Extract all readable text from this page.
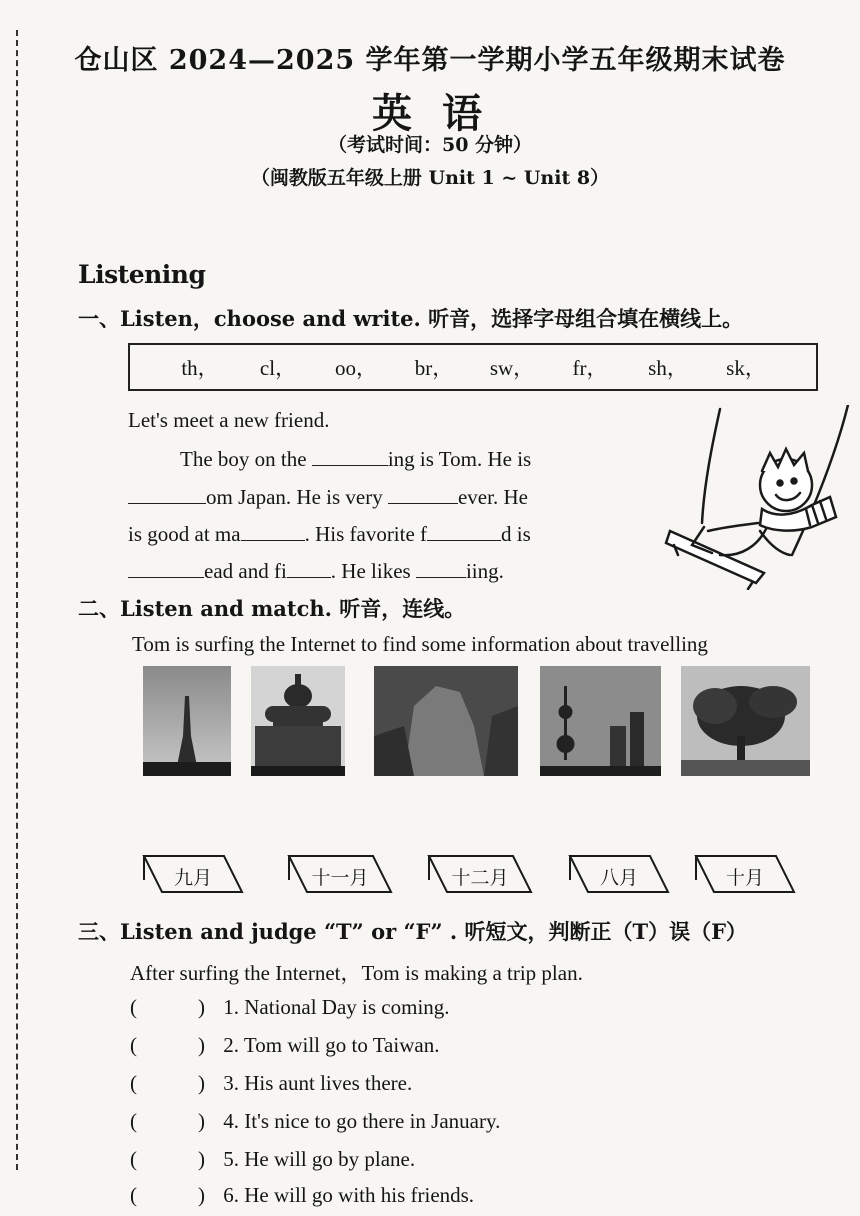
仓山区 2024—2025 学年第一学期小学五年级期末试卷
英语
（考试时间：50 分钟）
（闽教版五年级上册 Unit 1 ~ Unit 8）
Listening
一、Listen，choose and write. 听音，选择字母组合填在横线上。
th，	cl，	oo，	br，	sw，	fr，	sh，	sk，
Let's meet a new friend.
The boy on the	ing is Tom. He is
om Japan. He is very	ever. He
is good at ma	. His favorite f	d is
ead and fi . He likes iing.
二、Listen and match. 听音，连线。
Tom is surfing the Internet to find some information about travelling
九月	十一月	十二月	八月	十月
三、Listen and judge “T” or “F” . 听短文，判断正（T）误（F）
After surfing the Internet，Tom is making a trip plan.
(	) 1. National Day is coming.
(	) 2. Tom will go to Taiwan.
(	) 3. His aunt lives there.
(	) 4. It's nice to go there in January.
(	) 5. He will go by plane.
(	) 6. He will go with his friends.
